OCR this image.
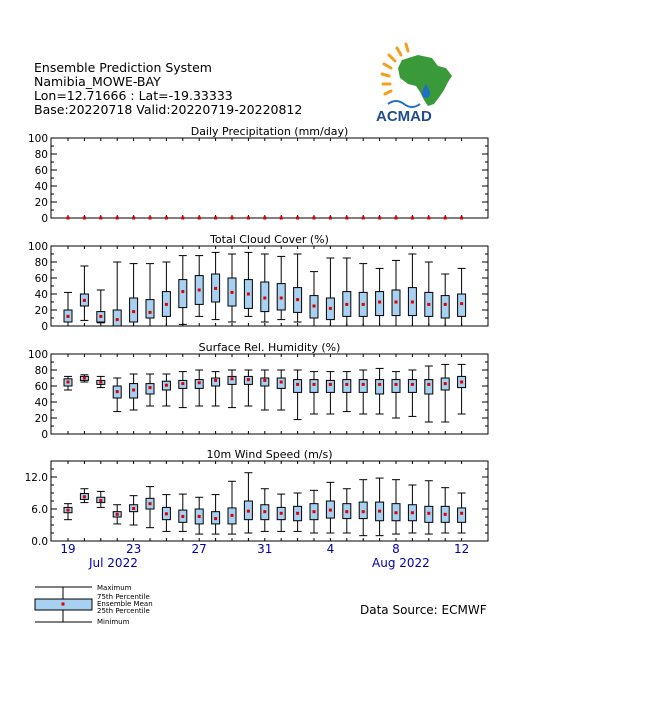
Ensemble Prediction System
Namibia_MOWE-BAY
Lon=12.71666 : Lat=-19.33333
Base:20220718 Valid:20220719-20220812	ACMAD
0
20
40
60
80
100
Daily Precipitation (mm/day)
0
20
40
60
80
100
Total Cloud Cover (%)
0
20
40
60
80
100
Surface Rel. Humidity (%)
0.0
6.0
12.0
10m Wind Speed (m/s)
19	23	27	31	4	8	12
Jul 2022	Aug 2022
Maximum
75th Percentile
Ensemble Mean
25th Percentile
Minimum
Data Source: ECMWF
